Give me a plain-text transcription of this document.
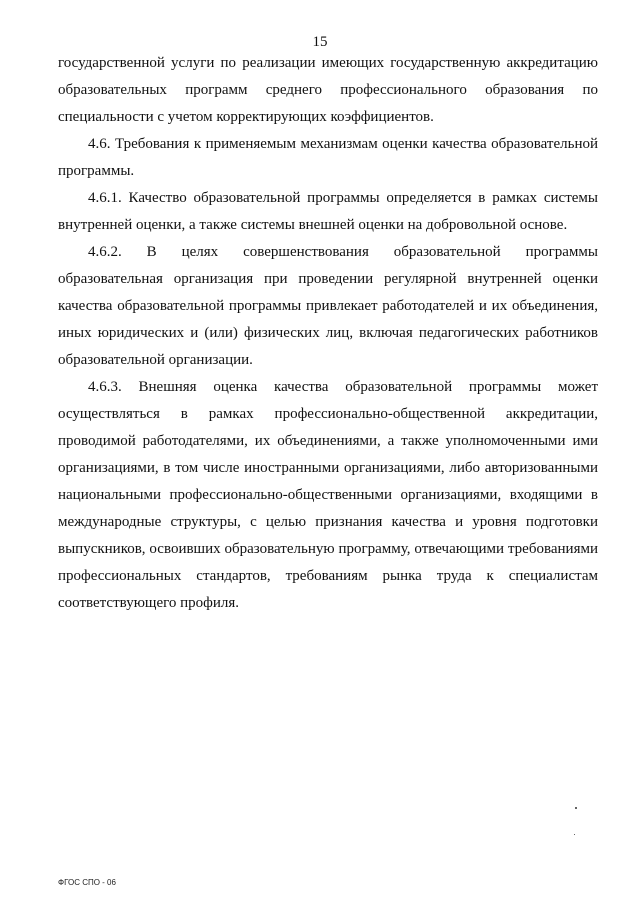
15

государственной услуги по реализации имеющих государственную аккредитацию образовательных программ среднего профессионального образования по специальности с учетом корректирующих коэффициентов.

4.6. Требования к применяемым механизмам оценки качества образовательной программы.

4.6.1. Качество образовательной программы определяется в рамках системы внутренней оценки, а также системы внешней оценки на добровольной основе.

4.6.2. В целях совершенствования образовательной программы образовательная организация при проведении регулярной внутренней оценки качества образовательной программы привлекает работодателей и их объединения, иных юридических и (или) физических лиц, включая педагогических работников образовательной организации.

4.6.3. Внешняя оценка качества образовательной программы может осуществляться в рамках профессионально-общественной аккредитации, проводимой работодателями, их объединениями, а также уполномоченными ими организациями, в том числе иностранными организациями, либо авторизованными национальными профессионально-общественными организациями, входящими в международные структуры, с целью признания качества и уровня подготовки выпускников, освоивших образовательную программу, отвечающими требованиями профессиональных стандартов, требованиям рынка труда к специалистам соответствующего профиля.

ФГОС СПО - 06
